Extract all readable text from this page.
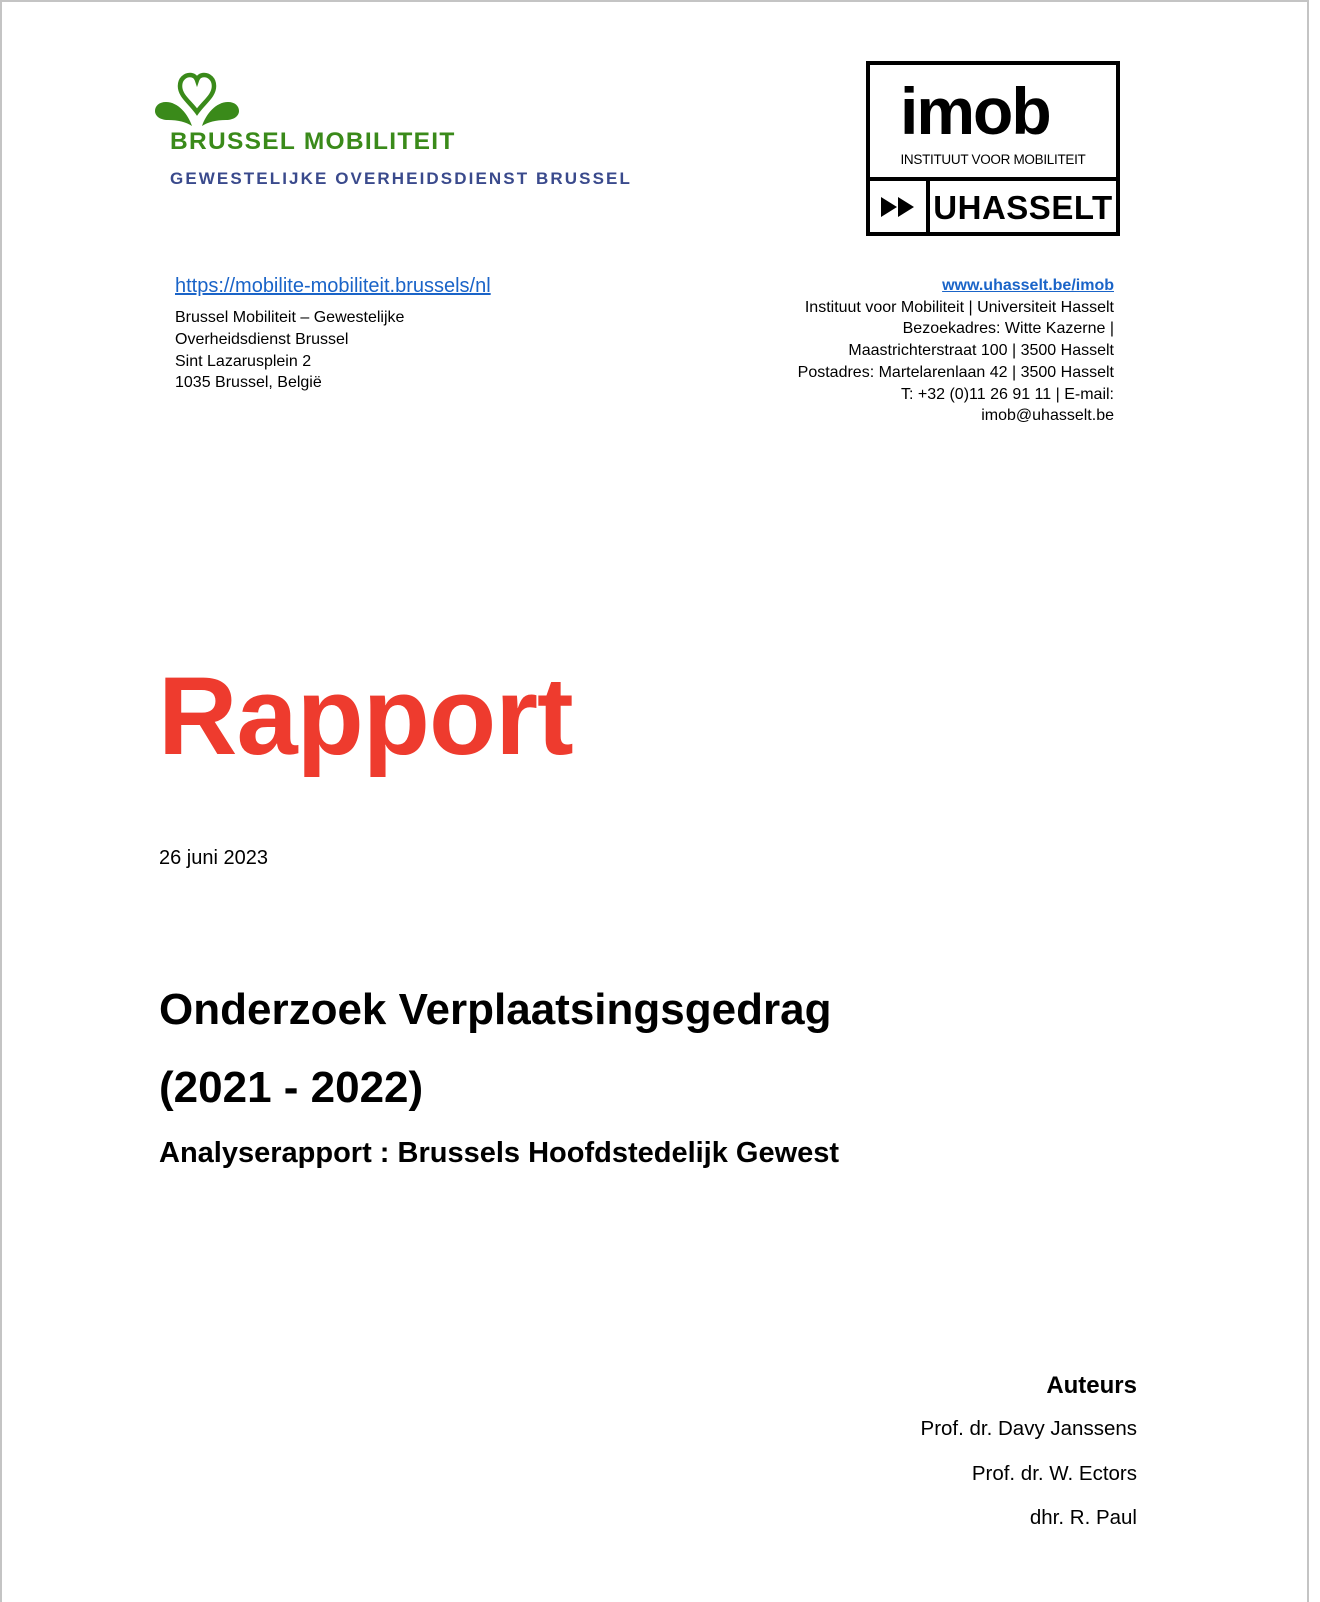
BRUSSEL MOBILITEIT
GEWESTELIJKE OVERHEIDSDIENST BRUSSEL
imob
INSTITUUT VOOR MOBILITEIT
UHASSELT
https://mobilite-mobiliteit.brussels/nl
Brussel Mobiliteit – Gewestelijke
Overheidsdienst Brussel
Sint Lazarusplein 2
1035 Brussel, België
www.uhasselt.be/imob
Instituut voor Mobiliteit | Universiteit Hasselt
Bezoekadres: Witte Kazerne |
Maastrichterstraat 100 | 3500 Hasselt
Postadres: Martelarenlaan 42 | 3500 Hasselt
T: +32 (0)11 26 91 11 | E-mail:
imob@uhasselt.be
Rapport
26 juni 2023
Onderzoek Verplaatsingsgedrag
(2021 - 2022)
Analyserapport : Brussels Hoofdstedelijk Gewest
Auteurs
Prof. dr. Davy Janssens
Prof. dr. W. Ectors
dhr. R. Paul
